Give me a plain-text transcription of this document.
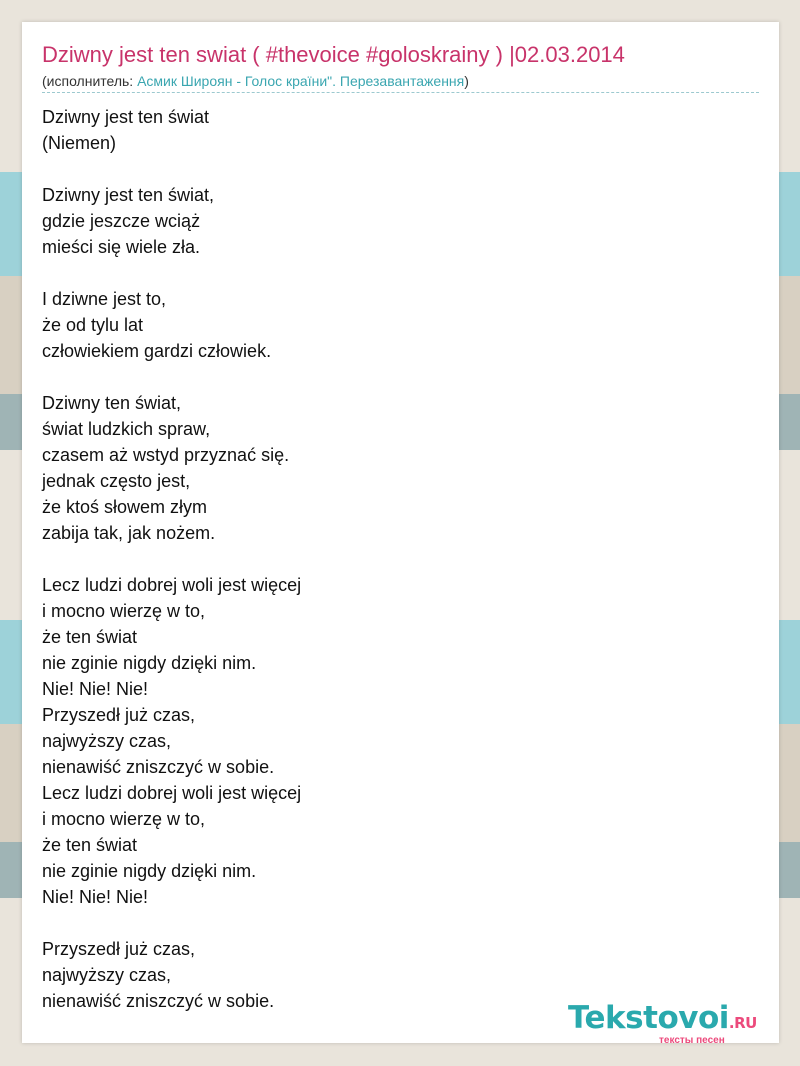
Dziwny jest ten swiat ( #thevoice #goloskrainy ) |02.03.2014
(исполнитель: Асмик Широян - Голос країни". Перезавантаження)
Dziwny jest ten świat
(Niemen)
Dziwny jest ten świat,
gdzie jeszcze wciąż
mieści się wiele zła.
I dziwne jest to,
że od tylu lat
człowiekiem gardzi człowiek.
Dziwny ten świat,
świat ludzkich spraw,
czasem aż wstyd przyznać się.
jednak często jest,
że ktoś słowem złym
zabija tak, jak nożem.
Lecz ludzi dobrej woli jest więcej
i mocno wierzę w to,
że ten świat
nie zginie nigdy dzięki nim.
Nie! Nie! Nie!
Przyszedł już czas,
najwyższy czas,
nienawiść zniszczyć w sobie.
Lecz ludzi dobrej woli jest więcej
i mocno wierzę w to,
że ten świat
nie zginie nigdy dzięki nim.
Nie! Nie! Nie!
Przyszedł już czas,
najwyższy czas,
nienawiść zniszczyć w sobie.	Tekstovoi.RU
тексты песен
